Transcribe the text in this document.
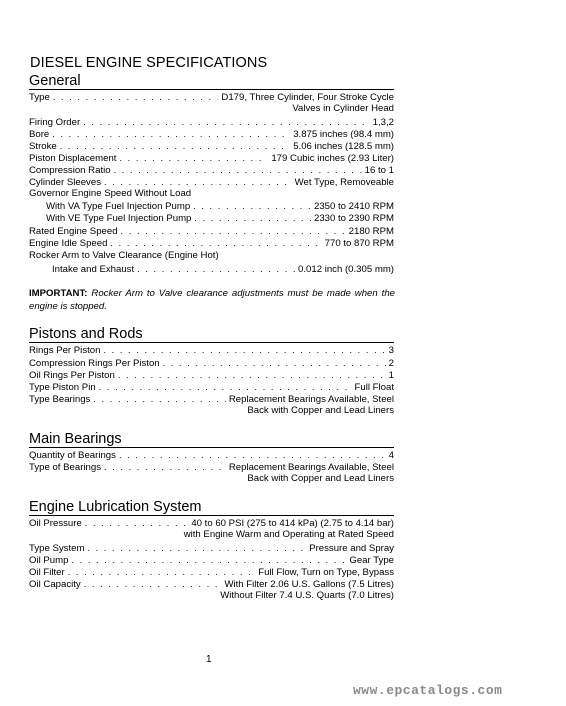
DIESEL ENGINE SPECIFICATIONS
General
Type . . .	D179, Three Cylinder, Four Stroke Cycle
Valves in Cylinder Head
Firing Order . . .	1,3,2
Bore . . .	3.875 inches (98.4 mm)
Stroke . . .	5.06 inches (128.5 mm)
Piston Displacement . . .	179 Cubic inches (2.93 Liter)
Compression Ratio . . .	16 to 1
Cylinder Sleeves . . .	Wet Type, Removeable
Governor Engine Speed Without Load
With VA Type Fuel Injection Pump . . .	2350 to 2410 RPM
With VE Type Fuel Injection Pump . . .	2330 to 2390 RPM
Rated Engine Speed . . .	2180 RPM
Engine Idle Speed . . .	770 to 870 RPM
Rocker Arm to Valve Clearance (Engine Hot)
Intake and Exhaust . . .	0.012 inch (0.305 mm)
IMPORTANT: Rocker Arm to Valve clearance adjustments must be made when the engine is stopped.
Pistons and Rods
Rings Per Piston . . .	3
Compression Rings Per Piston . . .	2
Oil Rings Per Piston . . .	1
Type Piston Pin . . .	Full Float
Type Bearings . . .	Replacement Bearings Available, Steel
Back with Copper and Lead Liners
Main Bearings
Quantity of Bearings . . .	4
Type of Bearings . . .	Replacement Bearings Available, Steel
Back with Copper and Lead Liners
Engine Lubrication System
Oil Pressure . . .	40 to 60 PSI (275 to 414 kPa) (2.75 to 4.14 bar)
with Engine Warm and Operating at Rated Speed
Type System . . .	Pressure and Spray
Oil Pump . . .	Gear Type
Oil Filter . . .	Full Flow, Turn on Type, Bypass
Oil Capacity . . .	With Filter 2.06 U.S. Gallons (7.5 Litres)
Without Filter 7.4 U.S. Quarts (7.0 Litres)
1
www.epcatalogs.com
